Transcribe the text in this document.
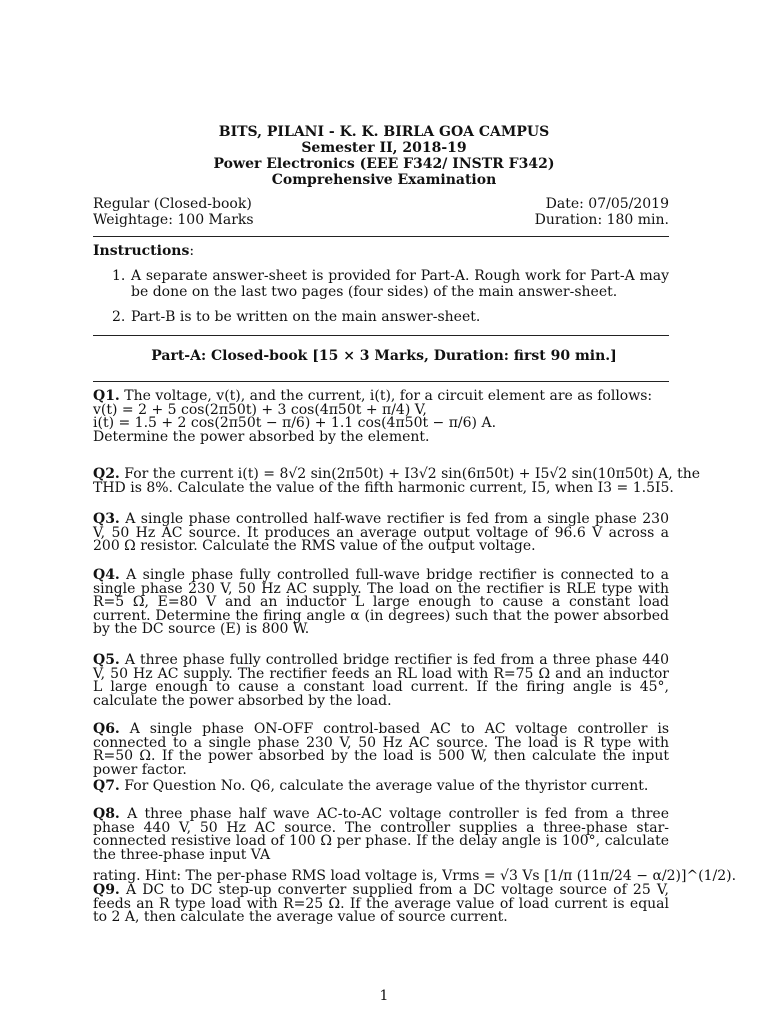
BITS, PILANI - K. K. BIRLA GOA CAMPUS
Semester II, 2018-19
Power Electronics (EEE F342/ INSTR F342)
Comprehensive Examination
Regular (Closed-book)	Date: 07/05/2019
Weightage: 100 Marks	Duration: 180 min.
Instructions:
1. A separate answer-sheet is provided for Part-A. Rough work for Part-A may be done on the last two pages (four sides) of the main answer-sheet.
2. Part-B is to be written on the main answer-sheet.
Part-A: Closed-book [15 × 3 Marks, Duration: first 90 min.]
Q1. The voltage, v(t), and the current, i(t), for a circuit element are as follows:
v(t) = 2 + 5 cos(2π50t) + 3 cos(4π50t + π/4) V,
i(t) = 1.5 + 2 cos(2π50t − π/6) + 1.1 cos(4π50t − π/6) A.
Determine the power absorbed by the element.
Q2. For the current i(t) = 8√2 sin(2π50t) + I3√2 sin(6π50t) + I5√2 sin(10π50t) A, the
THD is 8%. Calculate the value of the fifth harmonic current, I5, when I3 = 1.5I5.
Q3. A single phase controlled half-wave rectifier is fed from a single phase 230 V, 50 Hz AC source. It produces an average output voltage of 96.6 V across a 200 Ω resistor. Calculate the RMS value of the output voltage.
Q4. A single phase fully controlled full-wave bridge rectifier is connected to a single phase 230 V, 50 Hz AC supply. The load on the rectifier is RLE type with R=5 Ω, E=80 V and an inductor L large enough to cause a constant load current. Determine the firing angle α (in degrees) such that the power absorbed by the DC source (E) is 800 W.
Q5. A three phase fully controlled bridge rectifier is fed from a three phase 440 V, 50 Hz AC supply. The rectifier feeds an RL load with R=75 Ω and an inductor L large enough to cause a constant load current. If the firing angle is 45°, calculate the power absorbed by the load.
Q6. A single phase ON-OFF control-based AC to AC voltage controller is connected to a single phase 230 V, 50 Hz AC source. The load is R type with R=50 Ω. If the power absorbed by the load is 500 W, then calculate the input power factor.
Q7. For Question No. Q6, calculate the average value of the thyristor current.
Q8. A three phase half wave AC-to-AC voltage controller is fed from a three phase 440 V, 50 Hz AC source. The controller supplies a three-phase star-connected resistive load of 100 Ω per phase. If the delay angle is 100°, calculate the three-phase input VA
rating. Hint: The per-phase RMS load voltage is, Vrms = √3 Vs [1/π (11π/24 − α/2)]^(1/2).
Q9. A DC to DC step-up converter supplied from a DC voltage source of 25 V, feeds an R type load with R=25 Ω. If the average value of load current is equal to 2 A, then calculate the average value of source current.
1
